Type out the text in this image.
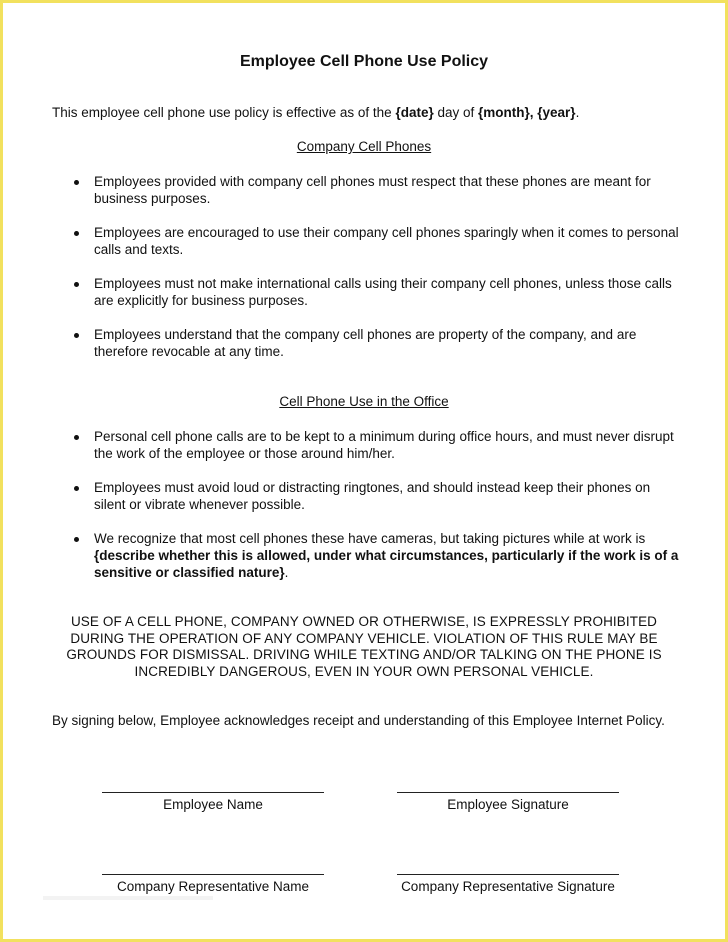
Employee Cell Phone Use Policy
This employee cell phone use policy is effective as of the {date} day of {month}, {year}.
Company Cell Phones
Employees provided with company cell phones must respect that these phones are meant for business purposes.
Employees are encouraged to use their company cell phones sparingly when it comes to personal calls and texts.
Employees must not make international calls using their company cell phones, unless those calls are explicitly for business purposes.
Employees understand that the company cell phones are property of the company, and are therefore revocable at any time.
Cell Phone Use in the Office
Personal cell phone calls are to be kept to a minimum during office hours, and must never disrupt the work of the employee or those around him/her.
Employees must avoid loud or distracting ringtones, and should instead keep their phones on silent or vibrate whenever possible.
We recognize that most cell phones these have cameras, but taking pictures while at work is {describe whether this is allowed, under what circumstances, particularly if the work is of a sensitive or classified nature}.
USE OF A CELL PHONE, COMPANY OWNED OR OTHERWISE, IS EXPRESSLY PROHIBITED DURING THE OPERATION OF ANY COMPANY VEHICLE. VIOLATION OF THIS RULE MAY BE GROUNDS FOR DISMISSAL. DRIVING WHILE TEXTING AND/OR TALKING ON THE PHONE IS INCREDIBLY DANGEROUS, EVEN IN YOUR OWN PERSONAL VEHICLE.
By signing below, Employee acknowledges receipt and understanding of this Employee Internet Policy.
Employee Name	Employee Signature
Company Representative Name	Company Representative Signature
